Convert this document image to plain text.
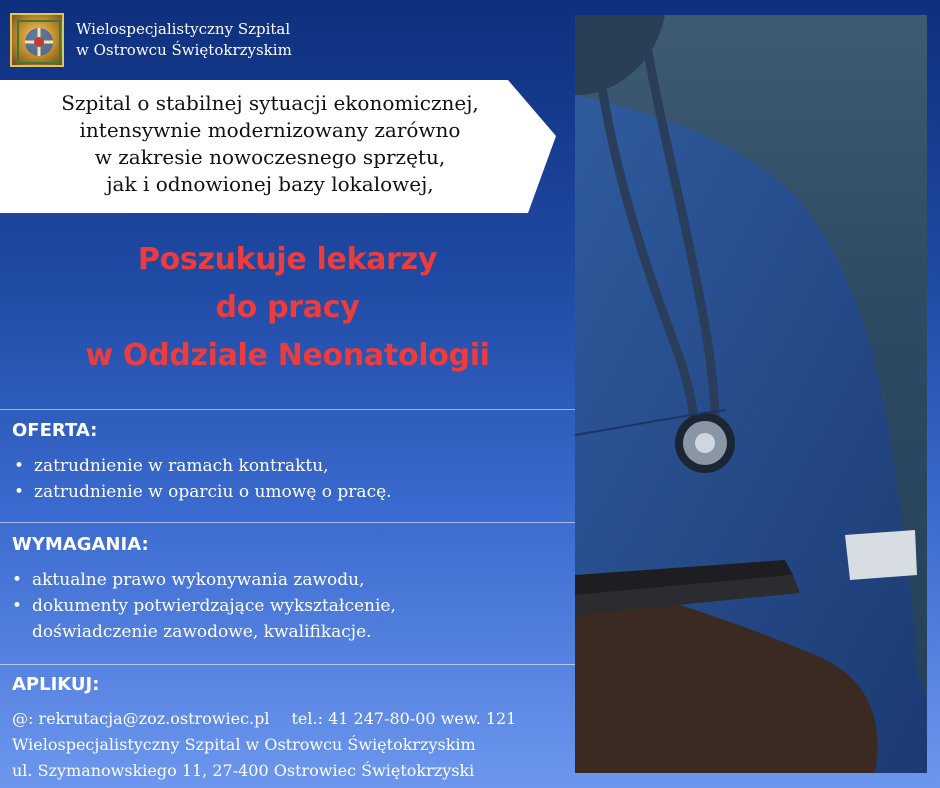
Wielospecjalistyczny Szpital
w Ostrowcu Świętokrzyskim
Szpital o stabilnej sytuacji ekonomicznej,
intensywnie modernizowany zarówno
w zakresie nowoczesnego sprzętu,
jak i odnowionej bazy lokalowej,
Poszukuje lekarzy
do pracy
w Oddziale Neonatologii
OFERTA:
• zatrudnienie w ramach kontraktu,
• zatrudnienie w oparciu o umowę o pracę.
WYMAGANIA:
• aktualne prawo wykonywania zawodu,
• dokumenty potwierdzające wykształcenie,
doświadczenie zawodowe, kwalifikacje.
APLIKUJ:
@: rekrutacja@zoz.ostrowiec.pl tel.: 41 247-80-00 wew. 121
Wielospecjalistyczny Szpital w Ostrowcu Świętokrzyskim
ul. Szymanowskiego 11, 27-400 Ostrowiec Świętokrzyski
